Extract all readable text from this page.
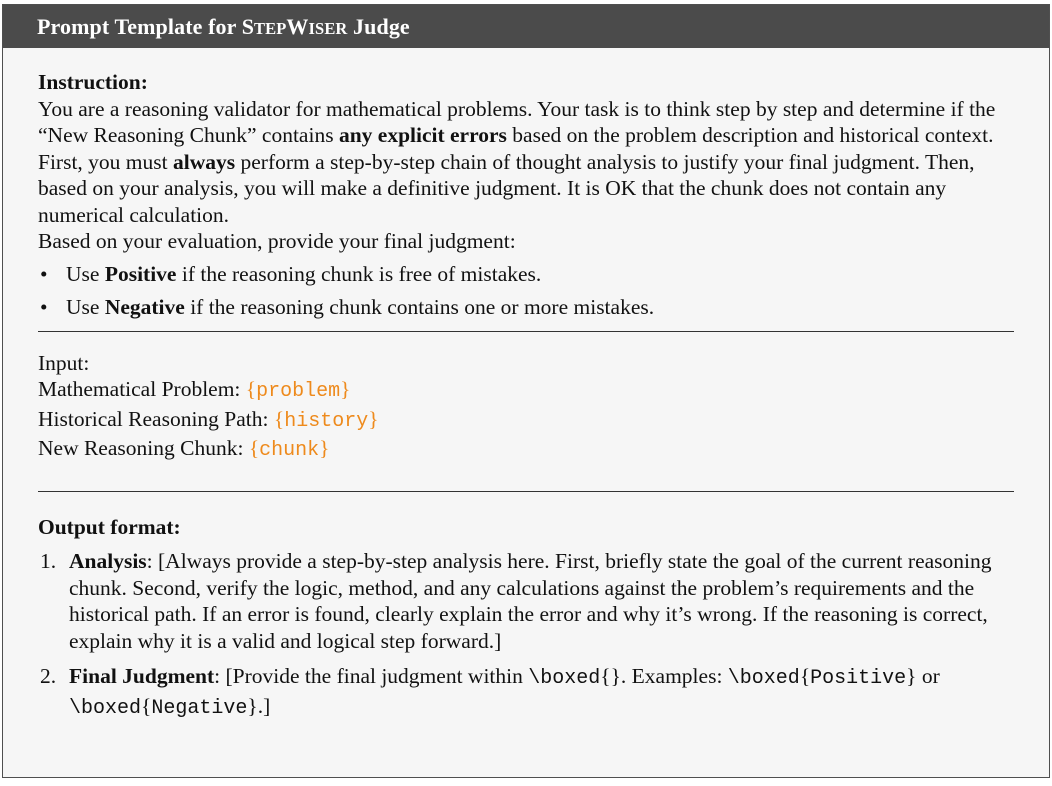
Prompt Template for STEPWISER Judge

Instruction:

You are a reasoning validator for mathematical problems. Your task is to think step by step and determine if the “New Reasoning Chunk” contains any explicit errors based on the problem description and historical context.

First, you must always perform a step-by-step chain of thought analysis to justify your final judgment. Then, based on your analysis, you will make a definitive judgment. It is OK that the chunk does not contain any numerical calculation.

Based on your evaluation, provide your final judgment:

• Use Positive if the reasoning chunk is free of mistakes.
• Use Negative if the reasoning chunk contains one or more mistakes.

Input:

Mathematical Problem: {problem}

Historical Reasoning Path: {history}

New Reasoning Chunk: {chunk}

Output format:

1. Analysis: [Always provide a step-by-step analysis here. First, briefly state the goal of the current reasoning chunk. Second, verify the logic, method, and any calculations against the problem’s requirements and the historical path. If an error is found, clearly explain the error and why it’s wrong. If the reasoning is correct, explain why it is a valid and logical step forward.]
2. Final Judgment: [Provide the final judgment within \boxed{}. Examples: \boxed{Positive} or \boxed{Negative}.]
